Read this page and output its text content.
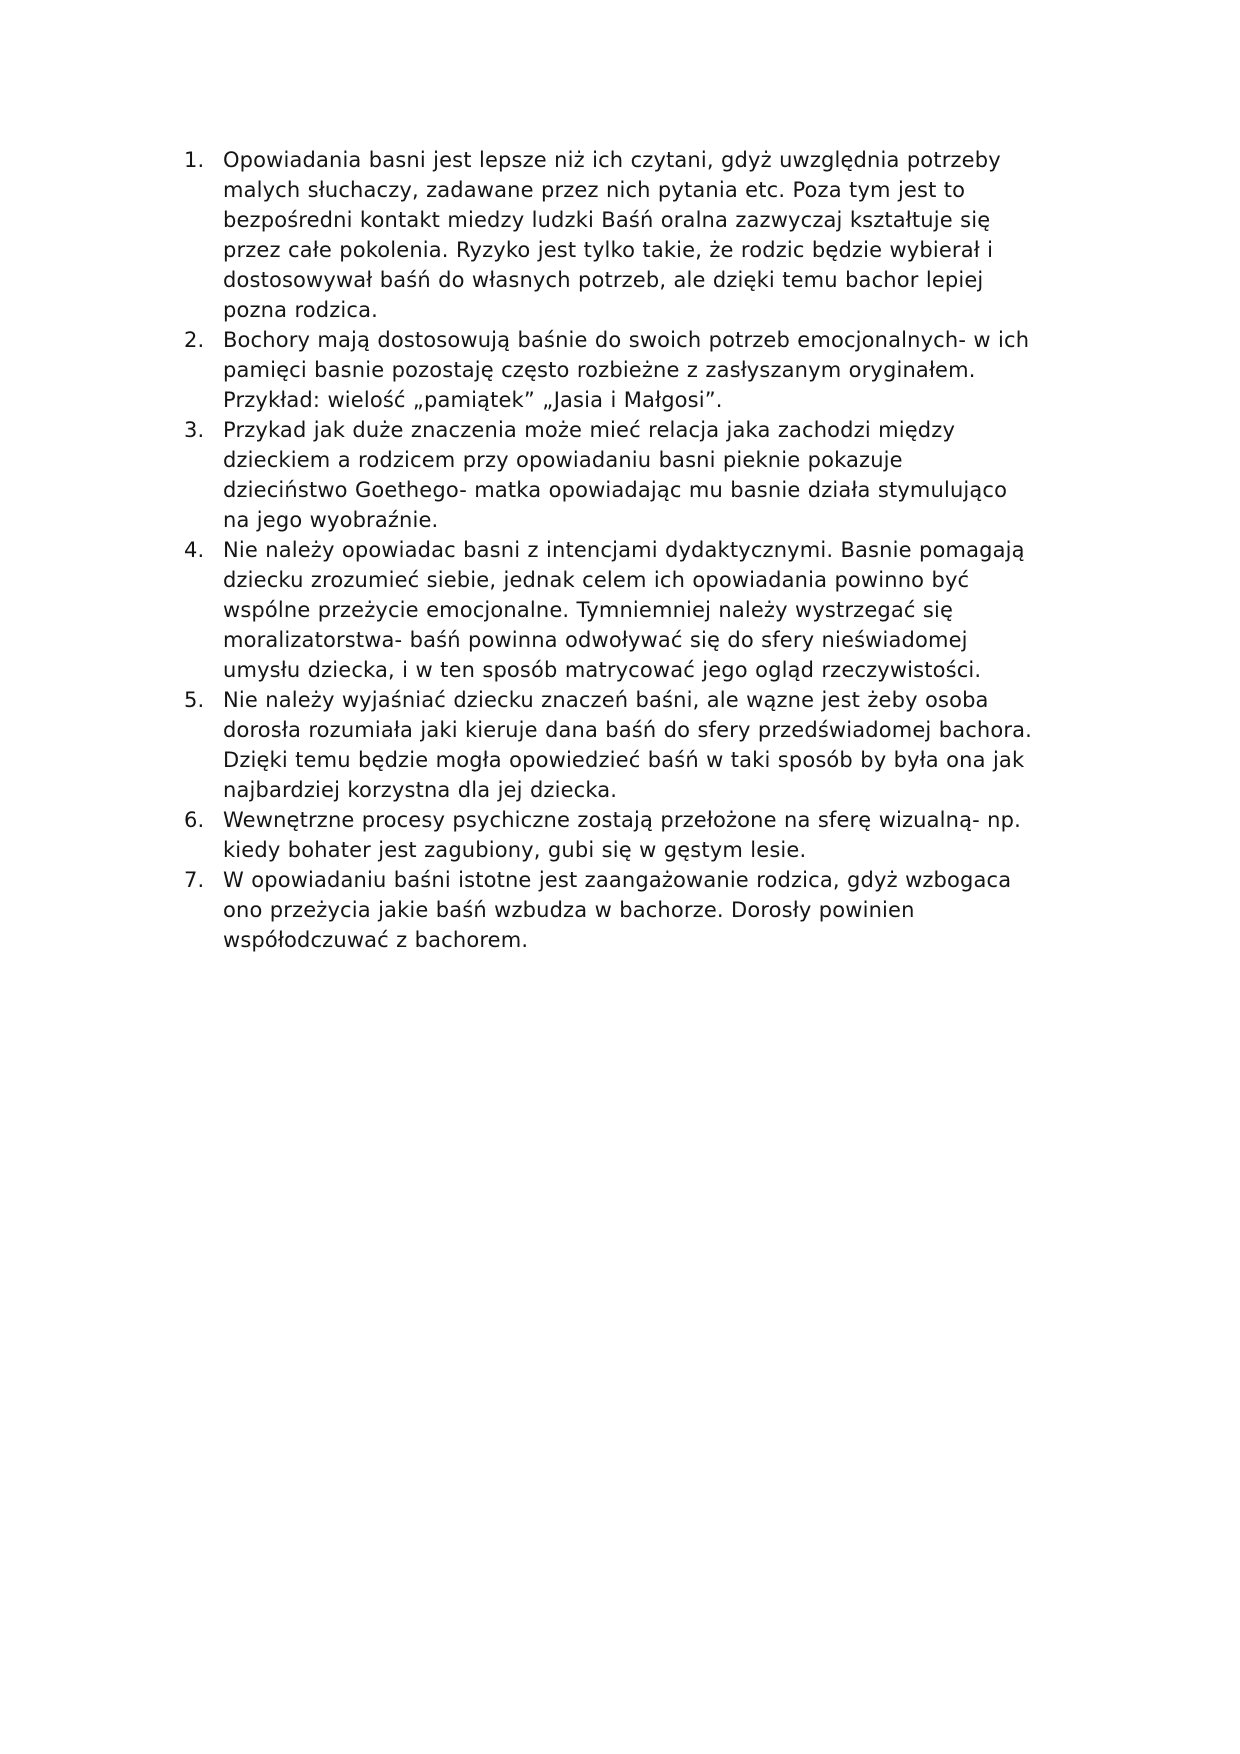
1. Opowiadania basni jest lepsze niż ich czytani, gdyż uwzględnia potrzeby
malych słuchaczy, zadawane przez nich pytania etc. Poza tym jest to
bezpośredni kontakt miedzy ludzki Baśń oralna zazwyczaj kształtuje się
przez całe pokolenia. Ryzyko jest tylko takie, że rodzic będzie wybierał i
dostosowywał baśń do własnych potrzeb, ale dzięki temu bachor lepiej
pozna rodzica.
2. Bochory mają dostosowują baśnie do swoich potrzeb emocjonalnych- w ich
pamięci basnie pozostaję często rozbieżne z zasłyszanym oryginałem.
Przykład: wielość „pamiątek” „Jasia i Małgosi”.
3. Przykad jak duże znaczenia może mieć relacja jaka zachodzi między
dzieckiem a rodzicem przy opowiadaniu basni pieknie pokazuje
dzieciństwo Goethego- matka opowiadając mu basnie działa stymulująco
na jego wyobraźnie.
4. Nie należy opowiadac basni z intencjami dydaktycznymi. Basnie pomagają
dziecku zrozumieć siebie, jednak celem ich opowiadania powinno być
wspólne przeżycie emocjonalne. Tymniemniej należy wystrzegać się
moralizatorstwa- baśń powinna odwoływać się do sfery nieświadomej
umysłu dziecka, i w ten sposób matrycować jego ogląd rzeczywistości.
5. Nie należy wyjaśniać dziecku znaczeń baśni, ale wązne jest żeby osoba
dorosła rozumiała jaki kieruje dana baśń do sfery przedświadomej bachora.
Dzięki temu będzie mogła opowiedzieć baśń w taki sposób by była ona jak
najbardziej korzystna dla jej dziecka.
6. Wewnętrzne procesy psychiczne zostają przełożone na sferę wizualną- np.
kiedy bohater jest zagubiony, gubi się w gęstym lesie.
7. W opowiadaniu baśni istotne jest zaangażowanie rodzica, gdyż wzbogaca
ono przeżycia jakie baśń wzbudza w bachorze. Dorosły powinien
współodczuwać z bachorem.
